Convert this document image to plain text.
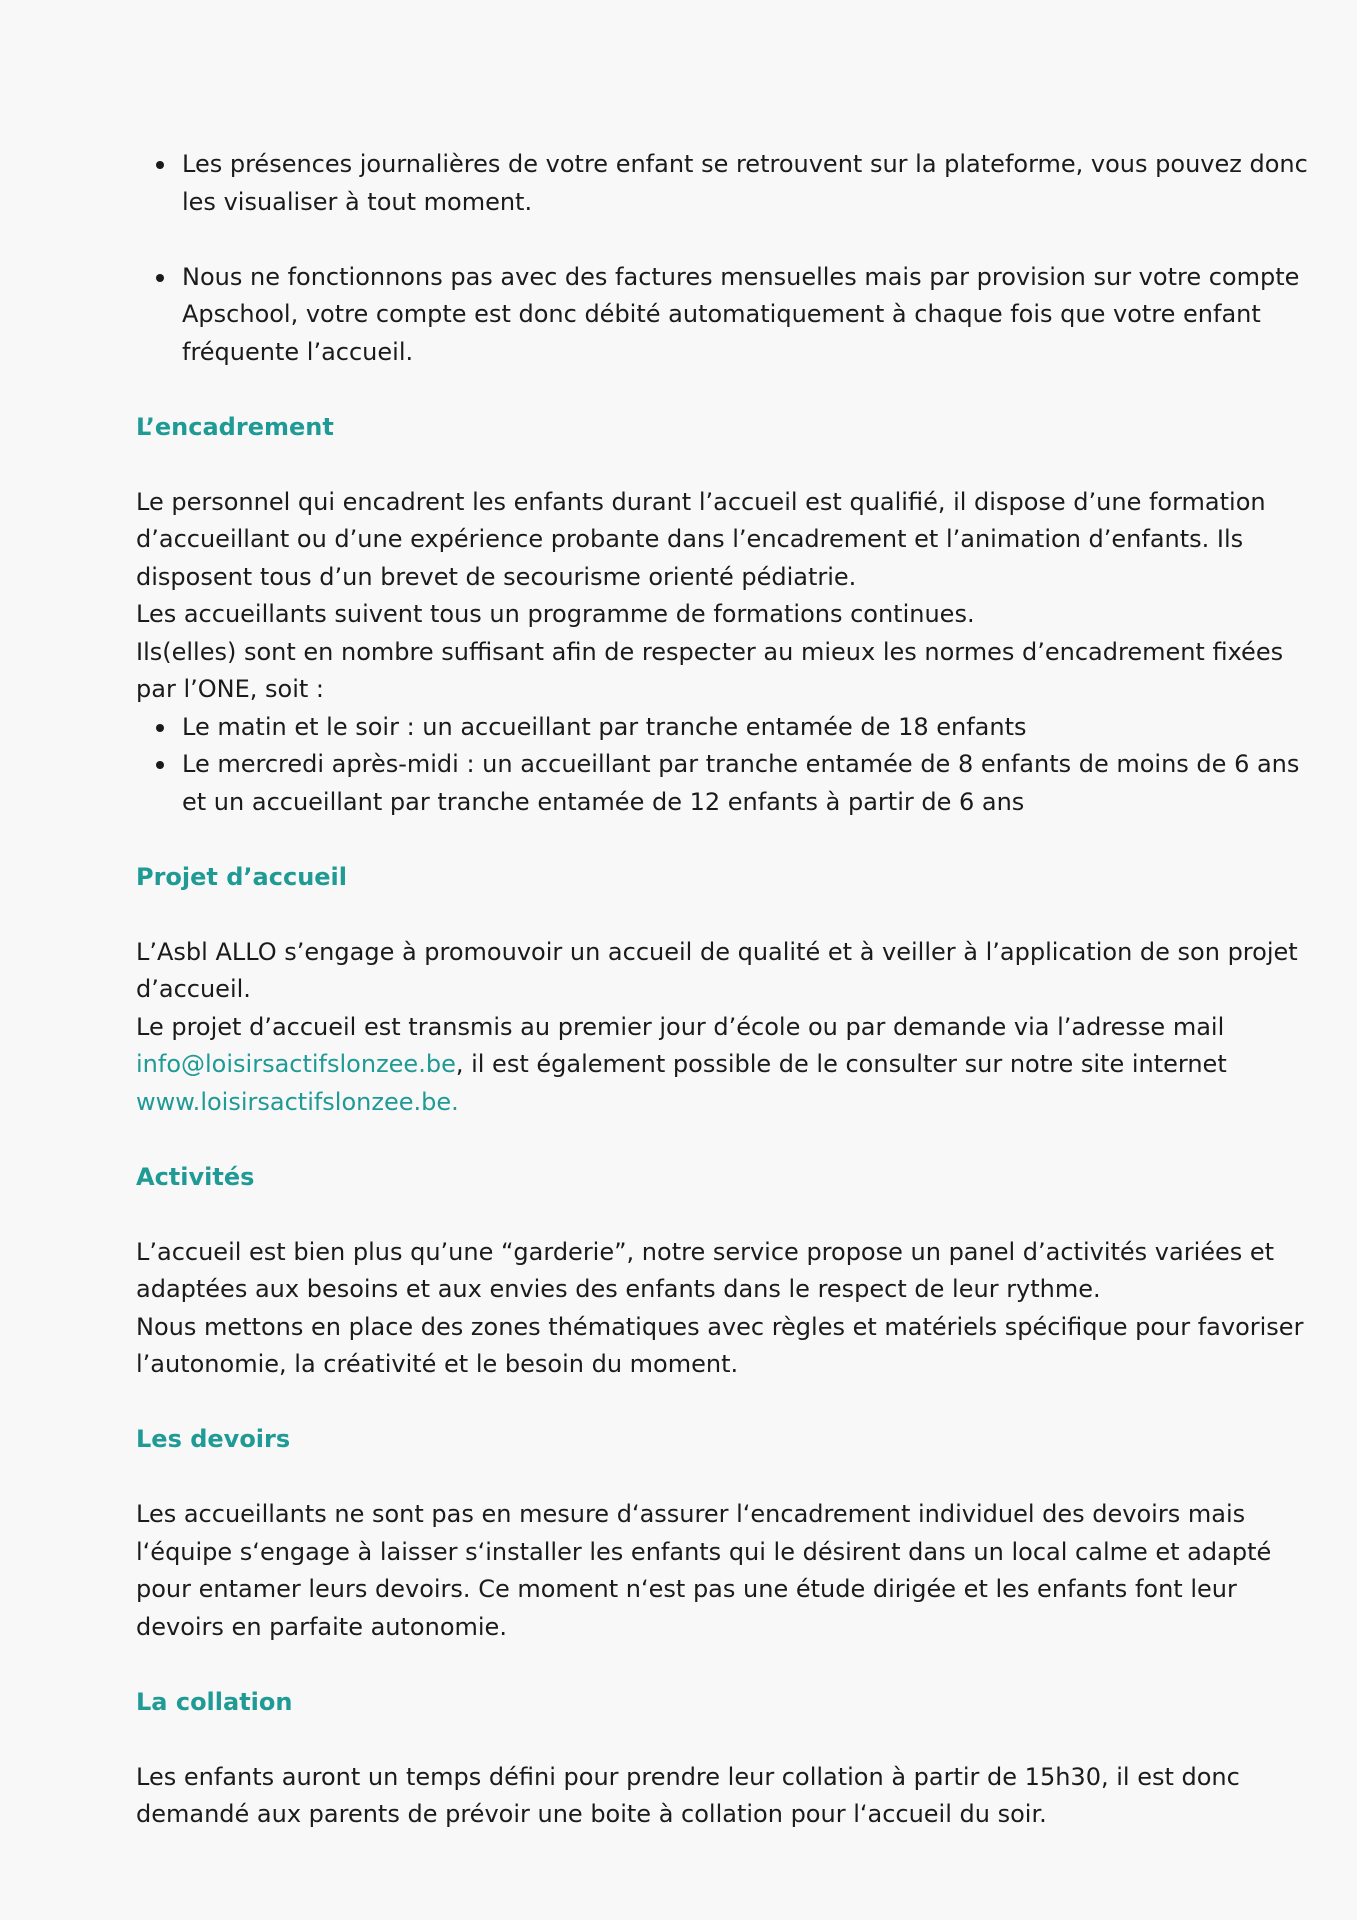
Les présences journalières de votre enfant se retrouvent sur la plateforme, vous pouvez donc les visualiser à tout moment.
Nous ne fonctionnons pas avec des factures mensuelles mais par provision sur votre compte Apschool, votre compte est donc débité automatiquement à chaque fois que votre enfant fréquente l’accueil.
L’encadrement

Le personnel qui encadrent les enfants durant l’accueil est qualifié, il dispose d’une formation d’accueillant ou d’une expérience probante dans l’encadrement et l’animation d’enfants. Ils disposent tous d’un brevet de secourisme orienté pédiatrie.

Les accueillants suivent tous un programme de formations continues.

Ils(elles) sont en nombre suffisant afin de respecter au mieux les normes d’encadrement fixées par l’ONE, soit :

Le matin et le soir : un accueillant par tranche entamée de 18 enfants
Le mercredi après-midi : un accueillant par tranche entamée de 8 enfants de moins de 6 ans et un accueillant par tranche entamée de 12 enfants à partir de 6 ans
Projet d’accueil

L’Asbl ALLO s’engage à promouvoir un accueil de qualité et à veiller à l’application de son projet d’accueil.

Le projet d’accueil est transmis au premier jour d’école ou par demande via l’adresse mail info@loisirsactifslonzee.be, il est également possible de le consulter sur notre site internet www.loisirsactifslonzee.be.

Activités

L’accueil est bien plus qu’une “garderie”, notre service propose un panel d’activités variées et adaptées aux besoins et aux envies des enfants dans le respect de leur rythme.

Nous mettons en place des zones thématiques avec règles et matériels spécifique pour favoriser l’autonomie, la créativité et le besoin du moment.

Les devoirs

Les accueillants ne sont pas en mesure d‘assurer l‘encadrement individuel des devoirs mais l‘équipe s‘engage à laisser s‘installer les enfants qui le désirent dans un local calme et adapté pour entamer leurs devoirs. Ce moment n‘est pas une étude dirigée et les enfants font leur devoirs en parfaite autonomie.

La collation

Les enfants auront un temps défini pour prendre leur collation à partir de 15h30, il est donc demandé aux parents de prévoir une boite à collation pour l‘accueil du soir.
